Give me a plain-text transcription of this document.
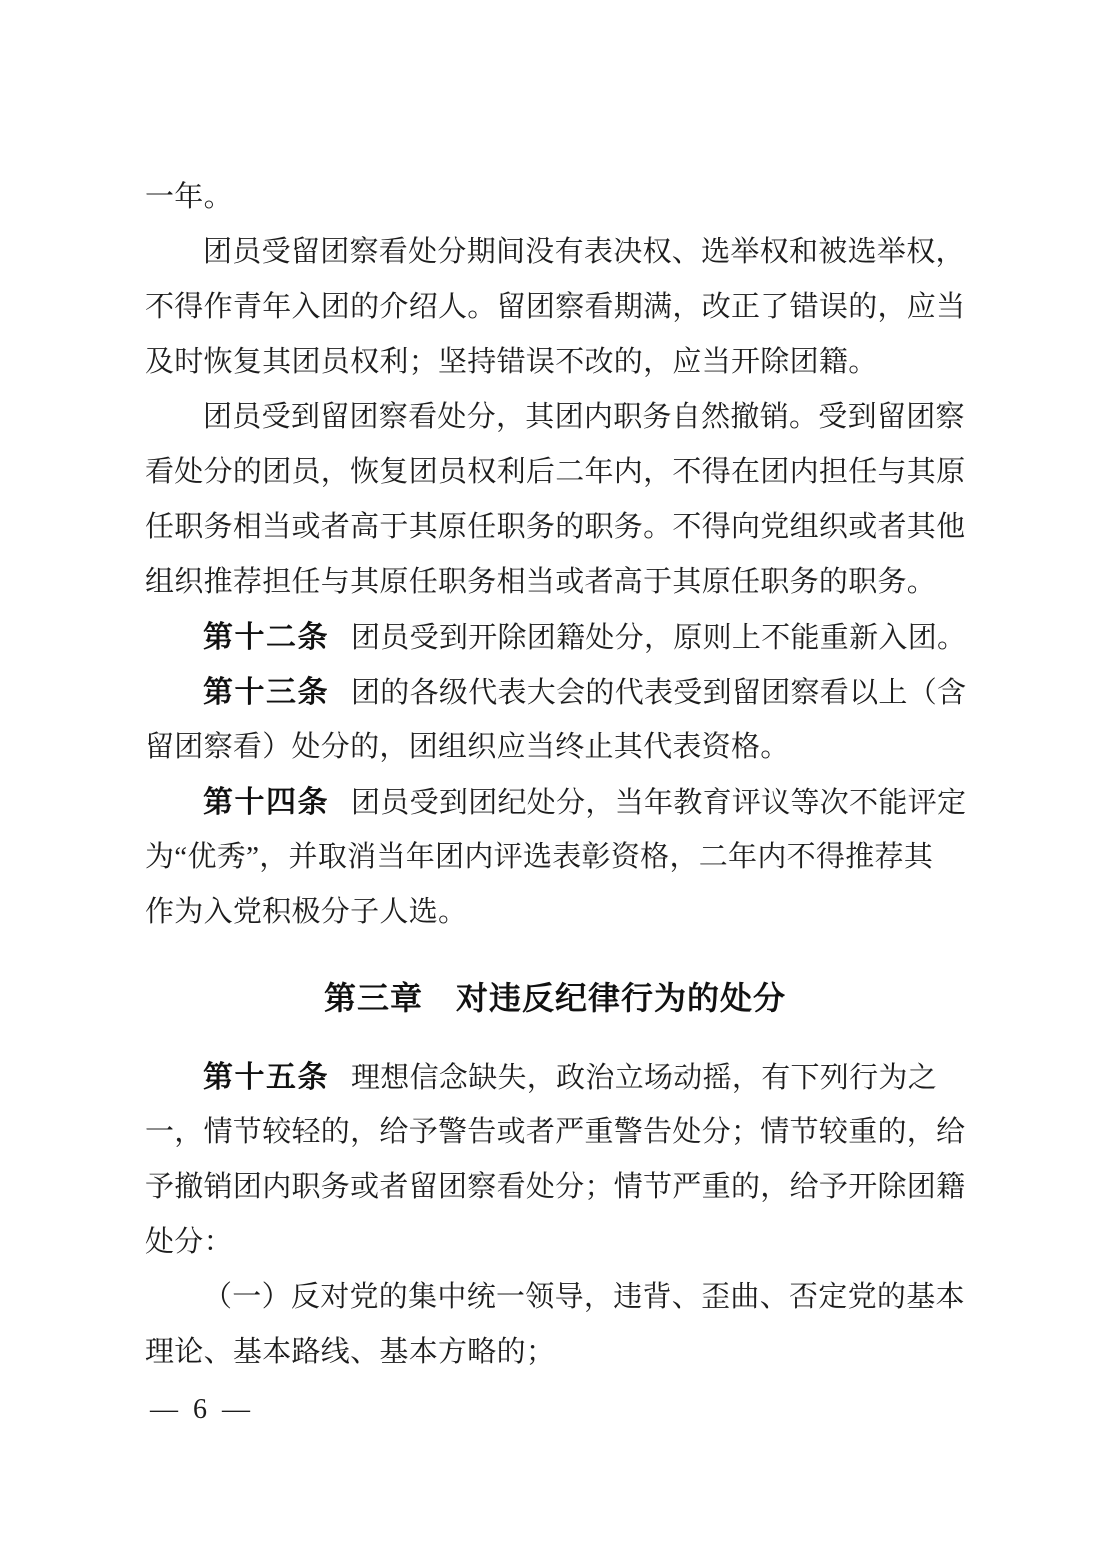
一年。
团员受留团察看处分期间没有表决权、选举权和被选举权，
不得作青年入团的介绍人。留团察看期满，改正了错误的，应当
及时恢复其团员权利；坚持错误不改的，应当开除团籍。
团员受到留团察看处分，其团内职务自然撤销。受到留团察
看处分的团员，恢复团员权利后二年内，不得在团内担任与其原
任职务相当或者高于其原任职务的职务。不得向党组织或者其他
组织推荐担任与其原任职务相当或者高于其原任职务的职务。
第十二条 团员受到开除团籍处分，原则上不能重新入团。
第十三条 团的各级代表大会的代表受到留团察看以上（含
留团察看）处分的，团组织应当终止其代表资格。
第十四条 团员受到团纪处分，当年教育评议等次不能评定
为“优秀”，并取消当年团内评选表彰资格，二年内不得推荐其
作为入党积极分子人选。
第三章　对违反纪律行为的处分
第十五条 理想信念缺失，政治立场动摇，有下列行为之
一，情节较轻的，给予警告或者严重警告处分；情节较重的，给
予撤销团内职务或者留团察看处分；情节严重的，给予开除团籍
处分：
（一）反对党的集中统一领导，违背、歪曲、否定党的基本
理论、基本路线、基本方略的；
— 6 —
